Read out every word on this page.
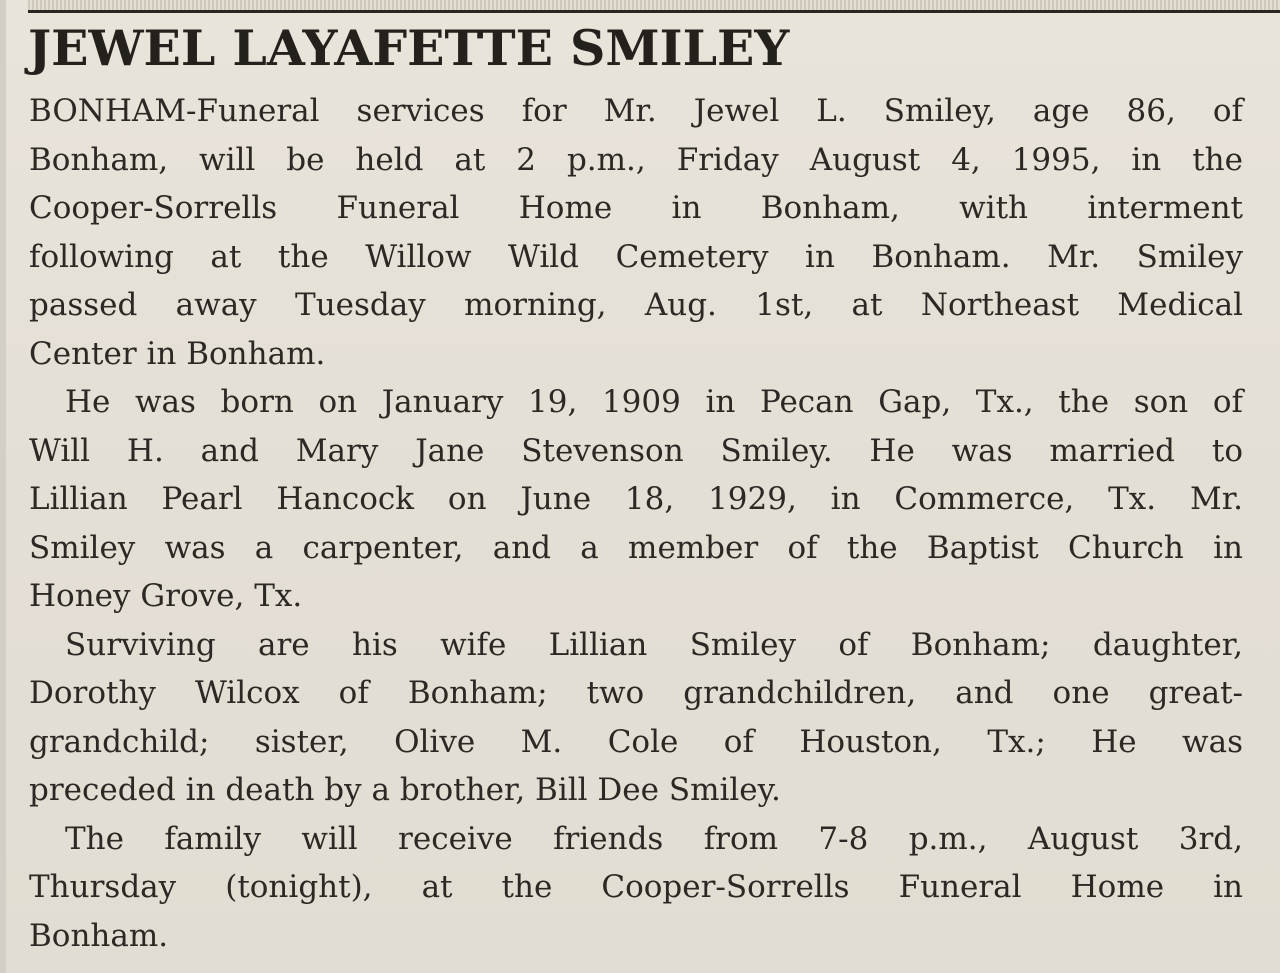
JEWEL LAYAFETTE SMILEY

BONHAM-Funeral services for Mr. Jewel L. Smiley, age 86, of
Bonham, will be held at 2 p.m., Friday August 4, 1995, in the
Cooper-Sorrells Funeral Home in Bonham, with interment
following at the Willow Wild Cemetery in Bonham. Mr. Smiley
passed away Tuesday morning, Aug. 1st, at Northeast Medical
Center in Bonham.

He was born on January 19, 1909 in Pecan Gap, Tx., the son of
Will H. and Mary Jane Stevenson Smiley. He was married to
Lillian Pearl Hancock on June 18, 1929, in Commerce, Tx. Mr.
Smiley was a carpenter, and a member of the Baptist Church in
Honey Grove, Tx.

Surviving are his wife Lillian Smiley of Bonham; daughter,
Dorothy Wilcox of Bonham; two grandchildren, and one great-
grandchild; sister, Olive M. Cole of Houston, Tx.; He was
preceded in death by a brother, Bill Dee Smiley.

The family will receive friends from 7-8 p.m., August 3rd,
Thursday (tonight), at the Cooper-Sorrells Funeral Home in
Bonham.
